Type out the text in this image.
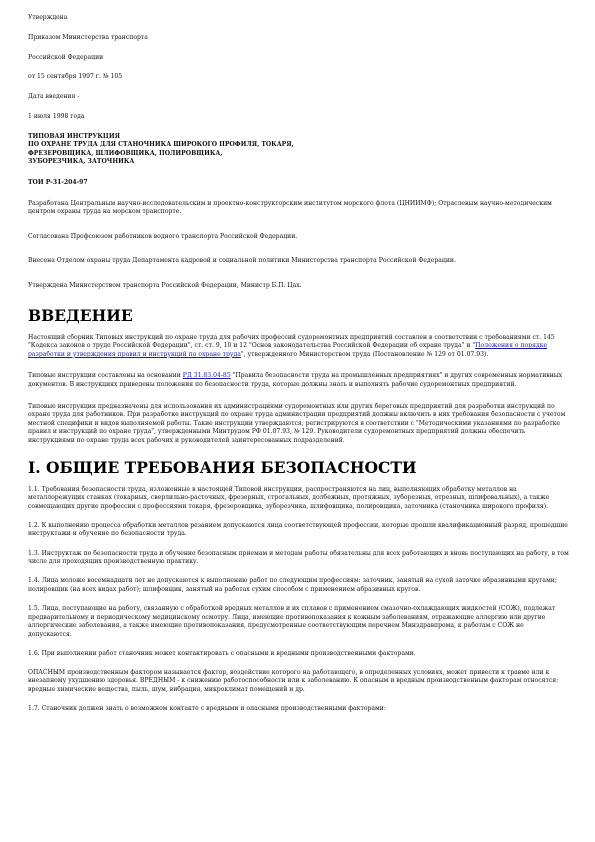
Утверждена

Приказом Министерства транспорта

Российской Федерации

от 15 сентября 1997 г. № 105

Дата введения -

1 июля 1998 года

ТИПОВАЯ ИНСТРУКЦИЯ

ПО ОХРАНЕ ТРУДА ДЛЯ СТАНОЧНИКА ШИРОКОГО ПРОФИЛЯ, ТОКАРЯ,

ФРЕЗЕРОВЩИКА, ШЛИФОВЩИКА, ПОЛИРОВЩИКА,

ЗУБОРЕЗЧИКА, ЗАТОЧНИКА

ТОИ Р-31-204-97

Разработана Центральным научно-исследовательским и проектно-конструкторским институтом морского флота (ЦНИИМФ); Отраслевым научно-методическим центром охраны труда на морском транспорте.

Согласована Профсоюзом работников водного транспорта Российской Федерации.

Внесена Отделом охраны труда Департамента кадровой и социальной политики Министерства транспорта Российской Федерации.

Утверждена Министерством транспорта Российской Федерации, Министр Б.П. Цах.

ВВЕДЕНИЕ

Настоящий сборник Типовых инструкций по охране труда для рабочих профессий судоремонтных предприятий составлен в соответствии с требованиями ст. 145 "Кодекса законов о труде Российской Федерации", ст. ст. 9, 10 и 12 "Основ законодательства Российской Федерации об охране труда" и "Положения о порядке разработки и утверждения правил и инструкций по охране труда", утвержденного Министерством труда (Постановление № 129 от 01.07.93).

Типовые инструкции составлены на основании РД 31.83.04-85 "Правила безопасности труда на промышленных предприятиях" и других современных нормативных документов. В инструкциях приведены положения по безопасности труда, которые должны знать и выполнять рабочие судоремонтных предприятий.

Типовые инструкции предназначены для использования их администрациями судоремонтных или других береговых предприятий для разработки инструкций по охране труда для работников. При разработке инструкций по охране труда администрации предприятий должны включить в них требования безопасности с учетом местной специфики и видов выполняемой работы. Такие инструкции утверждаются, регистрируются в соответствии с "Методическими указаниями по разработке правил и инструкций по охране труда", утвержденными Минтрудом РФ 01.07.93, № 129. Руководители судоремонтных предприятий должны обеспечить инструкциями по охране труда всех рабочих и руководителей заинтересованных подразделений.

I. ОБЩИЕ ТРЕБОВАНИЯ БЕЗОПАСНОСТИ

1.1. Требования безопасности труда, изложенные в настоящей Типовой инструкции, распространяются на лиц, выполняющих обработку металлов на металлорежущих станках (токарных, сверлильно-расточных, фрезерных, строгальных, долбежных, протяжных, зуборезных, отрезных, шлифовальных), а также совмещающих другие профессии с профессиями токаря, фрезеровщика, зуборезчика, шлифовщика, полировщика, заточника (станочника широкого профиля).

1.2. К выполнению процесса обработки металлов резанием допускаются лица соответствующей профессии, которые прошли квалификационный разряд, прошедшие инструктажи и обучение по безопасности труда.

1.3. Инструктаж по безопасности труда и обучение безопасным приемам и методам работы обязательны для всех работающих и вновь поступающих на работу, в том числе для проходящих производственную практику.

1.4. Лица моложе восемнадцати лет не допускаются к выполнению работ по следующим профессиям: заточник, занятый на сухой заточке абразивными кругами; полировщик (на всех видах работ); шлифовщик, занятый на работах сухим способом с применением абразивных кругов.

1.5. Лица, поступающие на работу, связанную с обработкой вредных металлов и их сплавов с применением смазочно-охлаждающих жидкостей (СОЖ), подлежат предварительному и периодическому медицинскому осмотру. Лица, имеющие противопоказания к кожным заболеваниям, отражающие аллергию или другие аллергические заболевания, а также имеющие противопоказания, предусмотренные соответствующим перечнем Минздравпрома, к работам с СОЖ не допускаются.

1.6. При выполнении работ станочник может контактировать с опасными и вредными производственными факторами.

ОПАСНЫМ производственным фактором называется фактор, воздействие которого на работающего, в определенных условиях, может привести к травме или к внезапному ухудшению здоровья. ВРЕДНЫМ - к снижению работоспособности или к заболеванию. К опасным и вредным производственным факторам относятся: вредные химические вещества, пыль, шум, вибрация, микроклимат помещений и др.

1.7. Станочник должен знать о возможном контакте с вредными и опасными производственными факторами:
